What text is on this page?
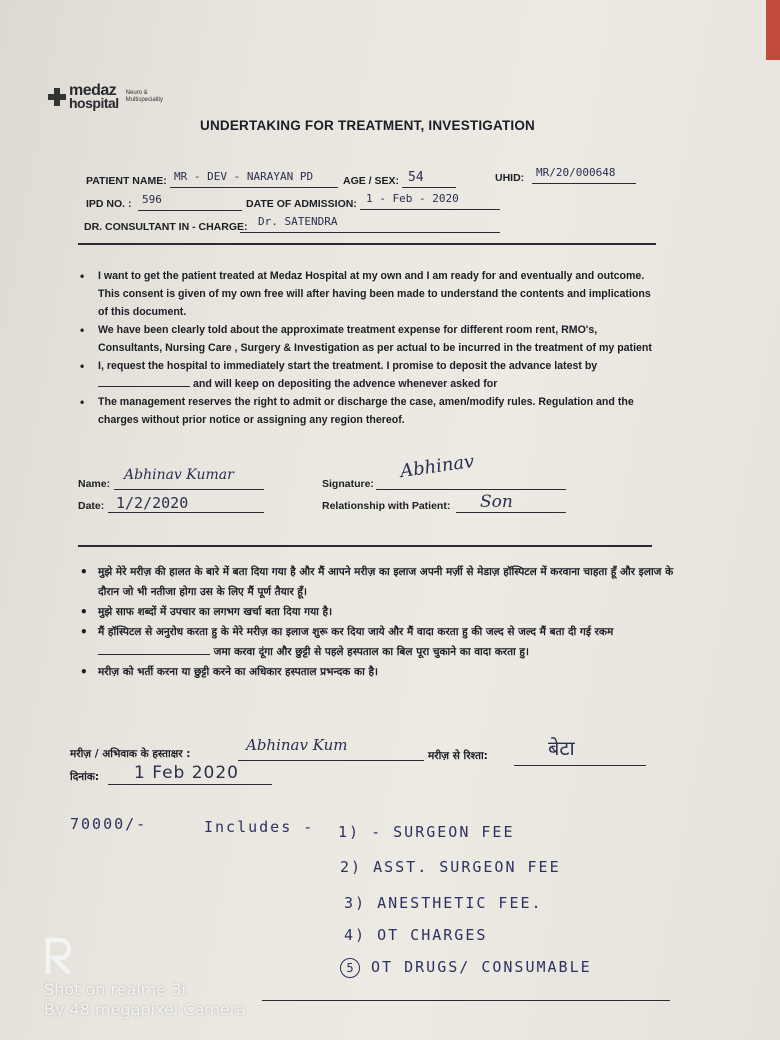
medaz
hospital
Neuro &
Multispeciality
UNDERTAKING FOR TREATMENT, INVESTIGATION
PATIENT NAME: MR - DEV - NARAYAN PD	AGE / SEX: 54	UHID: MR/20/000648
IPD NO. : 596	DATE OF ADMISSION: 1 - Feb - 2020
DR. CONSULTANT IN - CHARGE: Dr. SATENDRA
• I want to get the patient treated at Medaz Hospital at my own and I am ready for and eventually and outcome. This consent is given of my own free will after having been made to understand the contents and implications of this document.
• We have been clearly told about the approximate treatment expense for different room rent, RMO's, Consultants, Nursing Care , Surgery & Investigation as per actual to be incurred in the treatment of my patient
• I, request the hospital to immediately start the treatment. I promise to deposit the advance latest by  and will keep on depositing the advence whenever asked for
• The management reserves the right to admit or discharge the case, amen/modify rules. Regulation and the charges without prior notice or assigning any region thereof.
Name:
Abhinav Kumar
Date: 1/2/2020
Signature:
Abhinav
Relationship with Patient: Son
• मुझे मेरे मरीज़ की हालत के बारे में बता दिया गया है और मैं आपने मरीज़ का इलाज अपनी मर्ज़ी से मेडाज़ हॉस्पिटल में करवाना चाहता हूँ और इलाज के दौरान जो भी नतीजा होगा उस के लिए मैं पूर्ण तैयार हूँ।
• मुझे साफ शब्दों में उपचार का लगभग खर्चा बता दिया गया है।
• मैं हॉस्पिटल से अनुरोध करता हु के मेरे मरीज़ का इलाज शुरू कर दिया जाये और मैं वादा करता हु की जल्द से जल्द मैं बता दी गई रकम  जमा करवा दूंगा और छुट्टी से पहले हस्पताल का बिल पूरा चुकाने का वादा करता हु।
• मरीज़ को भर्ती करना या छुट्टी करने का अधिकार हस्पताल प्रभन्दक का है।
मरीज़ / अभिवाक के हस्ताक्षर :	Abhinav Kum
मरीज़ से रिश्ता:	बेटा
दिनांक: 1 Feb 2020
70000/-	Includes - 1) - SURGEON FEE
2) ASST. SURGEON FEE
3) ANESTHETIC FEE.
4) OT CHARGES
5 OT DRUGS/ CONSUMABLE
Shot on realme 3i
By 48 megapixel Camera
